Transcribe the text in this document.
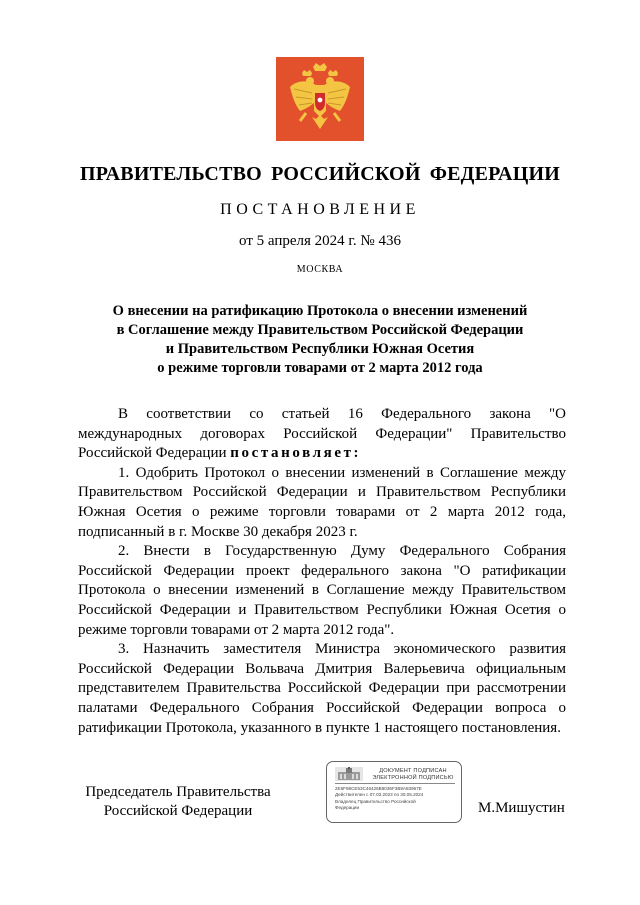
ПРАВИТЕЛЬСТВО РОССИЙСКОЙ ФЕДЕРАЦИИ
ПОСТАНОВЛЕНИЕ
от 5 апреля 2024 г. № 436
МОСКВА
О внесении на ратификацию Протокола о внесении изменений
в Соглашение между Правительством Российской Федерации
и Правительством Республики Южная Осетия
о режиме торговли товарами от 2 марта 2012 года

В соответствии со статьей 16 Федерального закона "О международных договорах Российской Федерации" Правительство Российской Федерации постановляет:

1. Одобрить Протокол о внесении изменений в Соглашение между Правительством Российской Федерации и Правительством Республики Южная Осетия о режиме торговли товарами от 2 марта 2012 года, подписанный в г. Москве 30 декабря 2023 г.

2. Внести в Государственную Думу Федерального Собрания Российской Федерации проект федерального закона "О ратификации Протокола о внесении изменений в Соглашение между Правительством Российской Федерации и Правительством Республики Южная Осетия о режиме торговли товарами от 2 марта 2012 года".

3. Назначить заместителя Министра экономического развития Российской Федерации Вольвача Дмитрия Валерьевича официальным представителем Правительства Российской Федерации при рассмотрении палатами Федерального Собрания Российской Федерации вопроса о ратификации Протокола, указанного в пункте 1 настоящего постановления.

Председатель Правительства
Российской Федерации
ДОКУМЕНТ ПОДПИСАН
ЭЛЕКТРОННОЙ ПОДПИСЬЮ
2E6F98CE53C46426B6036F3B9A83967E
Действителен с 07.03.2023 по 30.05.2024
Владелец Правительство Российской
Федерации	М.Мишустин
